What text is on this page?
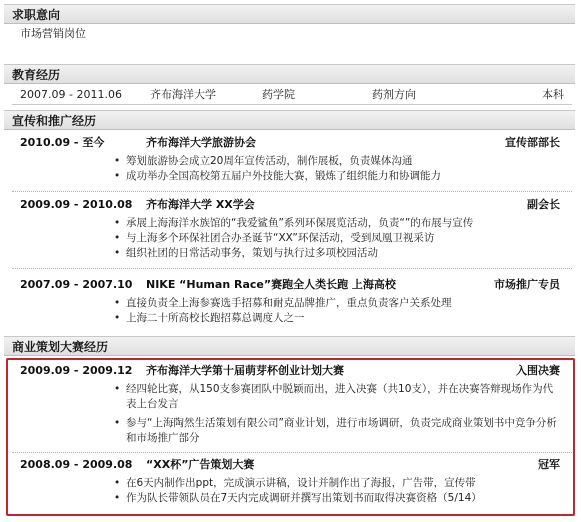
求职意向
市场营销岗位
教育经历
2007.09 - 2011.06	齐布海洋大学	药学院	药剂方向	本科
宣传和推广经历
2010.09 - 至今	齐布海洋大学旅游协会	宣传部部长
• 筹划旅游协会成立20周年宣传活动，制作展板，负责媒体沟通
• 成功举办全国高校第五届户外技能大赛，锻炼了组织能力和协调能力
2009.09 - 2010.08 齐布海洋大学 XX学会	副会长
• 承展上海海洋水族馆的“我爱鲨鱼”系列环保展览活动，负责“”的布展与宣传
• 与上海多个环保社团合办圣诞节“XX”环保活动，受到凤凰卫视采访
• 组织社团的日常活动事务，策划与执行过多项校园活动
2007.09 - 2007.10 NIKE “Human Race”赛跑全人类长跑 上海高校	市场推广专员
• 直接负责全上海参赛选手招募和耐克品牌推广，重点负责客户关系处理
• 上海二十所高校长跑招募总调度人之一
商业策划大赛经历
2009.09 - 2009.12 齐布海洋大学第十届萌芽杯创业计划大赛	入围决赛
• 经四轮比赛，从150支参赛团队中脱颖而出，进入决赛（共10支），并在决赛答辩现场作为代表上台发言
• 参与“上海陶然生活策划有限公司”商业计划，进行市场调研，负责完成商业策划书中竞争分析和市场推广部分
2008.09 - 2009.08 “XX杯”广告策划大赛	冠军
• 在6天内制作出ppt，完成演示讲稿，设计并制作出了海报，广告带，宣传带
• 作为队长带领队员在7天内完成调研并撰写出策划书而取得决赛资格（5/14）
